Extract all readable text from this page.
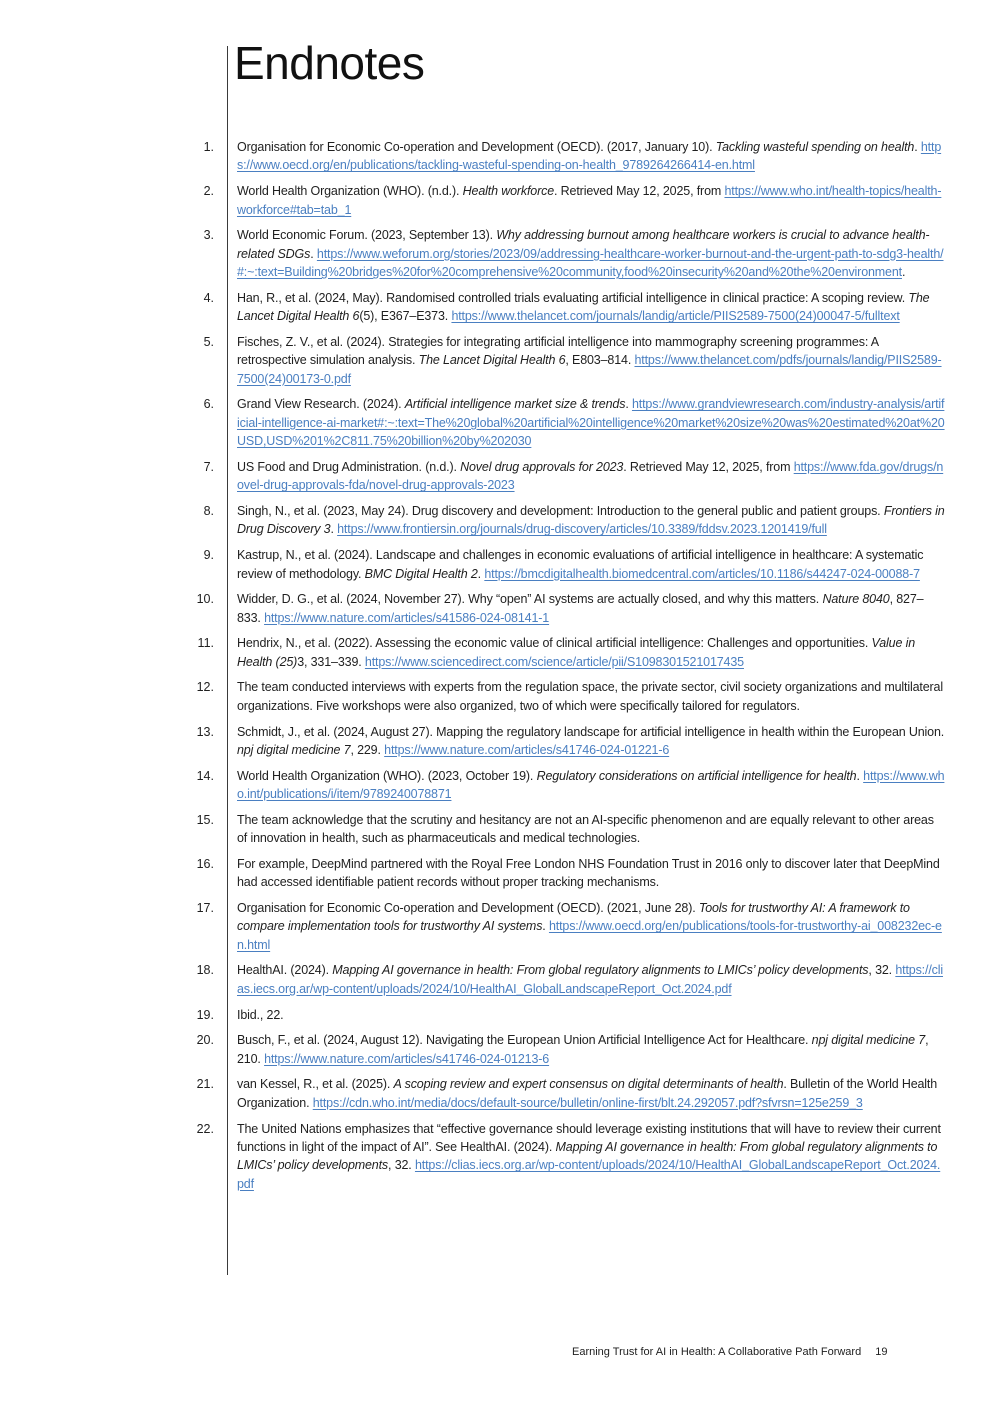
Endnotes
1. Organisation for Economic Co-operation and Development (OECD). (2017, January 10). Tackling wasteful spending on health. https://www.oecd.org/en/publications/tackling-wasteful-spending-on-health_9789264266414-en.html
2. World Health Organization (WHO). (n.d.). Health workforce. Retrieved May 12, 2025, from https://www.who.int/health-topics/health-workforce#tab=tab_1
3. World Economic Forum. (2023, September 13). Why addressing burnout among healthcare workers is crucial to advance health-related SDGs. https://www.weforum.org/stories/2023/09/addressing-healthcare-worker-burnout-and-the-urgent-path-to-sdg3-health/#:~:text=Building%20bridges%20for%20comprehensive%20community,food%20insecurity%20and%20the%20environment.
4. Han, R., et al. (2024, May). Randomised controlled trials evaluating artificial intelligence in clinical practice: A scoping review. The Lancet Digital Health 6(5), E367–E373. https://www.thelancet.com/journals/landig/article/PIIS2589-7500(24)00047-5/fulltext
5. Fisches, Z. V., et al. (2024). Strategies for integrating artificial intelligence into mammography screening programmes: A retrospective simulation analysis. The Lancet Digital Health 6, E803–814. https://www.thelancet.com/pdfs/journals/landig/PIIS2589-7500(24)00173-0.pdf
6. Grand View Research. (2024). Artificial intelligence market size & trends. https://www.grandviewresearch.com/industry-analysis/artificial-intelligence-ai-market#:~:text=The%20global%20artificial%20intelligence%20market%20size%20was%20estimated%20at%20USD,USD%201%2C811.75%20billion%20by%202030
7. US Food and Drug Administration. (n.d.). Novel drug approvals for 2023. Retrieved May 12, 2025, from https://www.fda.gov/drugs/novel-drug-approvals-fda/novel-drug-approvals-2023
8. Singh, N., et al. (2023, May 24). Drug discovery and development: Introduction to the general public and patient groups. Frontiers in Drug Discovery 3. https://www.frontiersin.org/journals/drug-discovery/articles/10.3389/fddsv.2023.1201419/full
9. Kastrup, N., et al. (2024). Landscape and challenges in economic evaluations of artificial intelligence in healthcare: A systematic review of methodology. BMC Digital Health 2. https://bmcdigitalhealth.biomedcentral.com/articles/10.1186/s44247-024-00088-7
10. Widder, D. G., et al. (2024, November 27). Why “open” AI systems are actually closed, and why this matters. Nature 8040, 827–833. https://www.nature.com/articles/s41586-024-08141-1
11. Hendrix, N., et al. (2022). Assessing the economic value of clinical artificial intelligence: Challenges and opportunities. Value in Health (25)3, 331–339. https://www.sciencedirect.com/science/article/pii/S1098301521017435
12. The team conducted interviews with experts from the regulation space, the private sector, civil society organizations and multilateral organizations. Five workshops were also organized, two of which were specifically tailored for regulators.
13. Schmidt, J., et al. (2024, August 27). Mapping the regulatory landscape for artificial intelligence in health within the European Union. npj digital medicine 7, 229. https://www.nature.com/articles/s41746-024-01221-6
14. World Health Organization (WHO). (2023, October 19). Regulatory considerations on artificial intelligence for health. https://www.who.int/publications/i/item/9789240078871
15. The team acknowledge that the scrutiny and hesitancy are not an AI-specific phenomenon and are equally relevant to other areas of innovation in health, such as pharmaceuticals and medical technologies.
16. For example, DeepMind partnered with the Royal Free London NHS Foundation Trust in 2016 only to discover later that DeepMind had accessed identifiable patient records without proper tracking mechanisms.
17. Organisation for Economic Co-operation and Development (OECD). (2021, June 28). Tools for trustworthy AI: A framework to compare implementation tools for trustworthy AI systems. https://www.oecd.org/en/publications/tools-for-trustworthy-ai_008232ec-en.html
18. HealthAI. (2024). Mapping AI governance in health: From global regulatory alignments to LMICs’ policy developments, 32. https://clias.iecs.org.ar/wp-content/uploads/2024/10/HealthAI_GlobalLandscapeReport_Oct.2024.pdf
19. Ibid., 22.
20. Busch, F., et al. (2024, August 12). Navigating the European Union Artificial Intelligence Act for Healthcare. npj digital medicine 7, 210. https://www.nature.com/articles/s41746-024-01213-6
21. van Kessel, R., et al. (2025). A scoping review and expert consensus on digital determinants of health. Bulletin of the World Health Organization. https://cdn.who.int/media/docs/default-source/bulletin/online-first/blt.24.292057.pdf?sfvrsn=125e259_3
22. The United Nations emphasizes that “effective governance should leverage existing institutions that will have to review their current functions in light of the impact of AI”. See HealthAI. (2024). Mapping AI governance in health: From global regulatory alignments to LMICs’ policy developments, 32. https://clias.iecs.org.ar/wp-content/uploads/2024/10/HealthAI_GlobalLandscapeReport_Oct.2024.pdf
Earning Trust for AI in Health: A Collaborative Path Forward 19
